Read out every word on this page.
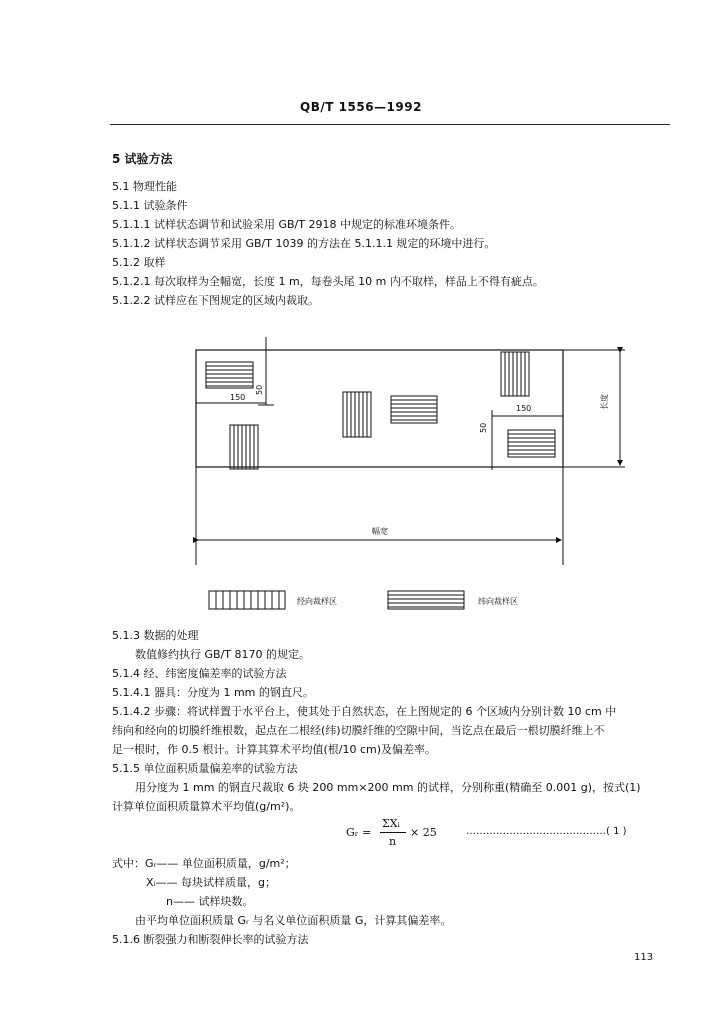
QB/T 1556—1992
5 试验方法
5.1 物理性能
5.1.1 试验条件
5.1.1.1 试样状态调节和试验采用 GB/T 2918 中规定的标准环境条件。
5.1.1.2 试样状态调节采用 GB/T 1039 的方法在 5.1.1.1 规定的环境中进行。
5.1.2 取样
5.1.2.1 每次取样为全幅宽，长度 1 m，每卷头尾 10 m 内不取样，样品上不得有疵点。
5.1.2.2 试样应在下图规定的区域内裁取。
长度
幅宽
150
50
150
50
经向裁样区	纬向裁样区
5.1.3 数据的处理
数值修约执行 GB/T 8170 的规定。
5.1.4 经、纬密度偏差率的试验方法
5.1.4.1 器具：分度为 1 mm 的钢直尺。
5.1.4.2 步骤：将试样置于水平台上，使其处于自然状态，在上图规定的 6 个区域内分别计数 10 cm 中
纬向和经向的切膜纤维根数，起点在二根经(纬)切膜纤维的空隙中间，当讫点在最后一根切膜纤维上不
足一根时，作 0.5 根计。计算其算术平均值(根/10 cm)及偏差率。
5.1.5 单位面积质量偏差率的试验方法
用分度为 1 mm 的钢直尺裁取 6 块 200 mm×200 mm 的试样，分别称重(精确至 0.001 g)，按式(1)
计算单位面积质量算术平均值(g/m²)。
Gᵣ =
ΣXᵢ
n
× 25	……………………………………( 1 )
式中：Gᵣ—— 单位面积质量，g/m²；
Xᵢ—— 每块试样质量，g；
n—— 试样块数。
由平均单位面积质量 Gᵣ 与名义单位面积质量 G，计算其偏差率。
5.1.6 断裂强力和断裂伸长率的试验方法
113
